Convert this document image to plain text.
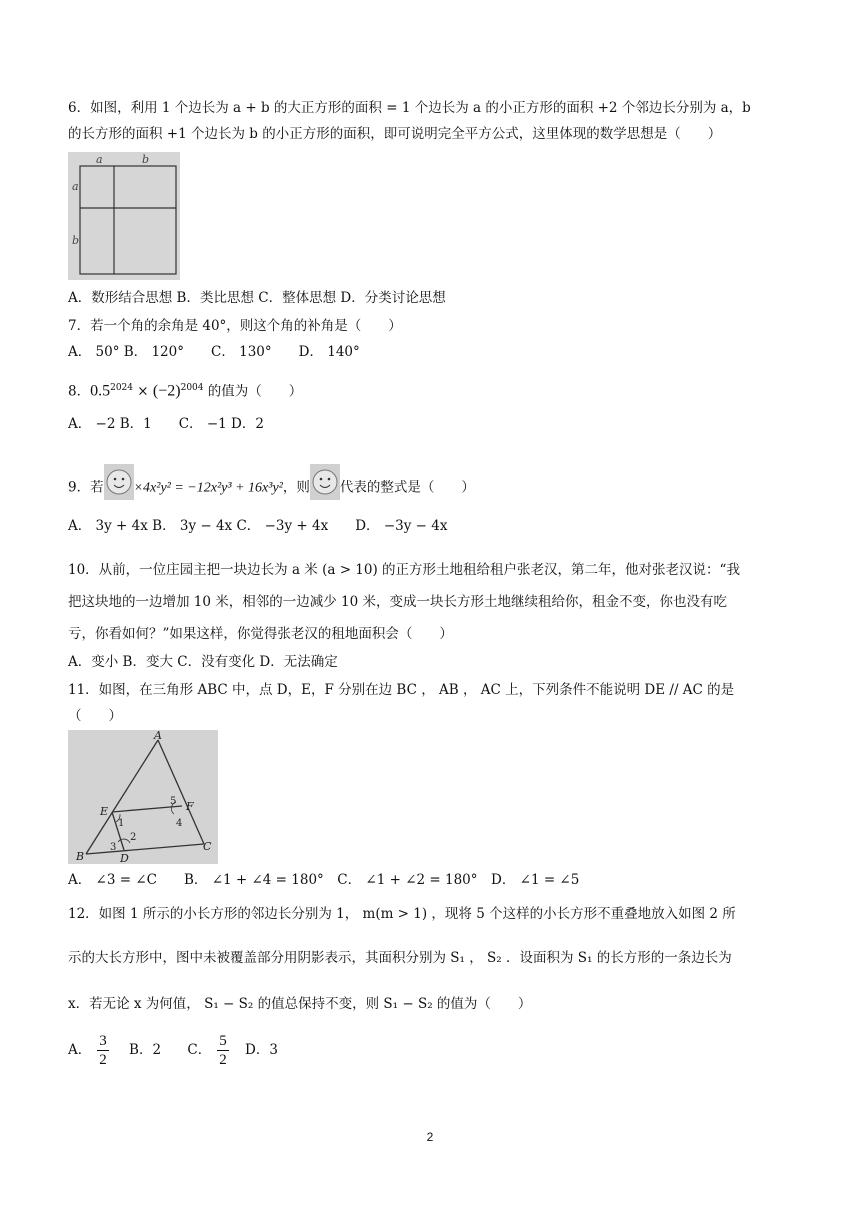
6．如图，利用 1 个边长为 a + b 的大正方形的面积 = 1 个边长为 a 的小正方形的面积 +2 个邻边长分别为 a，b
的长方形的面积 +1 个边长为 b 的小正方形的面积，即可说明完全平方公式，这里体现的数学思想是（　　）
a	b
a
b
A．数形结合思想 B．类比思想 C．整体思想 D．分类讨论思想
7．若一个角的余角是 40°，则这个角的补角是（　　）
A． 50° B． 120°　　C． 130°　　D． 140°
8．$0.5^{2024} \times (-2)^{2004}$ 的值为（　　）
A． −2 B．1　　C． −1 D．2
9．若 ×4x²y² = −12x²y³ + 16x³y²，则 代表的整式是（　　）
A． 3y + 4x B． 3y − 4x C． −3y + 4x　　D． −3y − 4x
10．从前，一位庄园主把一块边长为 a 米 (a > 10) 的正方形土地租给租户张老汉，第二年，他对张老汉说：“我
把这块地的一边增加 10 米，相邻的一边减少 10 米，变成一块长方形土地继续租给你，租金不变，你也没有吃
亏，你看如何？”如果这样，你觉得张老汉的租地面积会（　　）
A．变小 B．变大 C．没有变化 D．无法确定
11．如图，在三角形 ABC 中，点 D，E，F 分别在边 BC ， AB ， AC 上，下列条件不能说明 DE // AC 的是
（　　）
A
B
C
D
E	F
1
2
3
4
5
A． ∠3 = ∠C　　B． ∠1 + ∠4 = 180°　C． ∠1 + ∠2 = 180°　D． ∠1 = ∠5
12．如图 1 所示的小长方形的邻边长分别为 1， m(m > 1) ，现将 5 个这样的小长方形不重叠地放入如图 2 所
示的大长方形中，图中未被覆盖部分用阴影表示，其面积分别为 S₁ ， S₂ ．设面积为 S₁ 的长方形的一条边长为
x．若无论 x 为何值， S₁ − S₂ 的值总保持不变，则 S₁ − S₂ 的值为（　　）
A． $\frac{3}{2}$ B．2 C． $\frac{5}{2}$ D．3
2
